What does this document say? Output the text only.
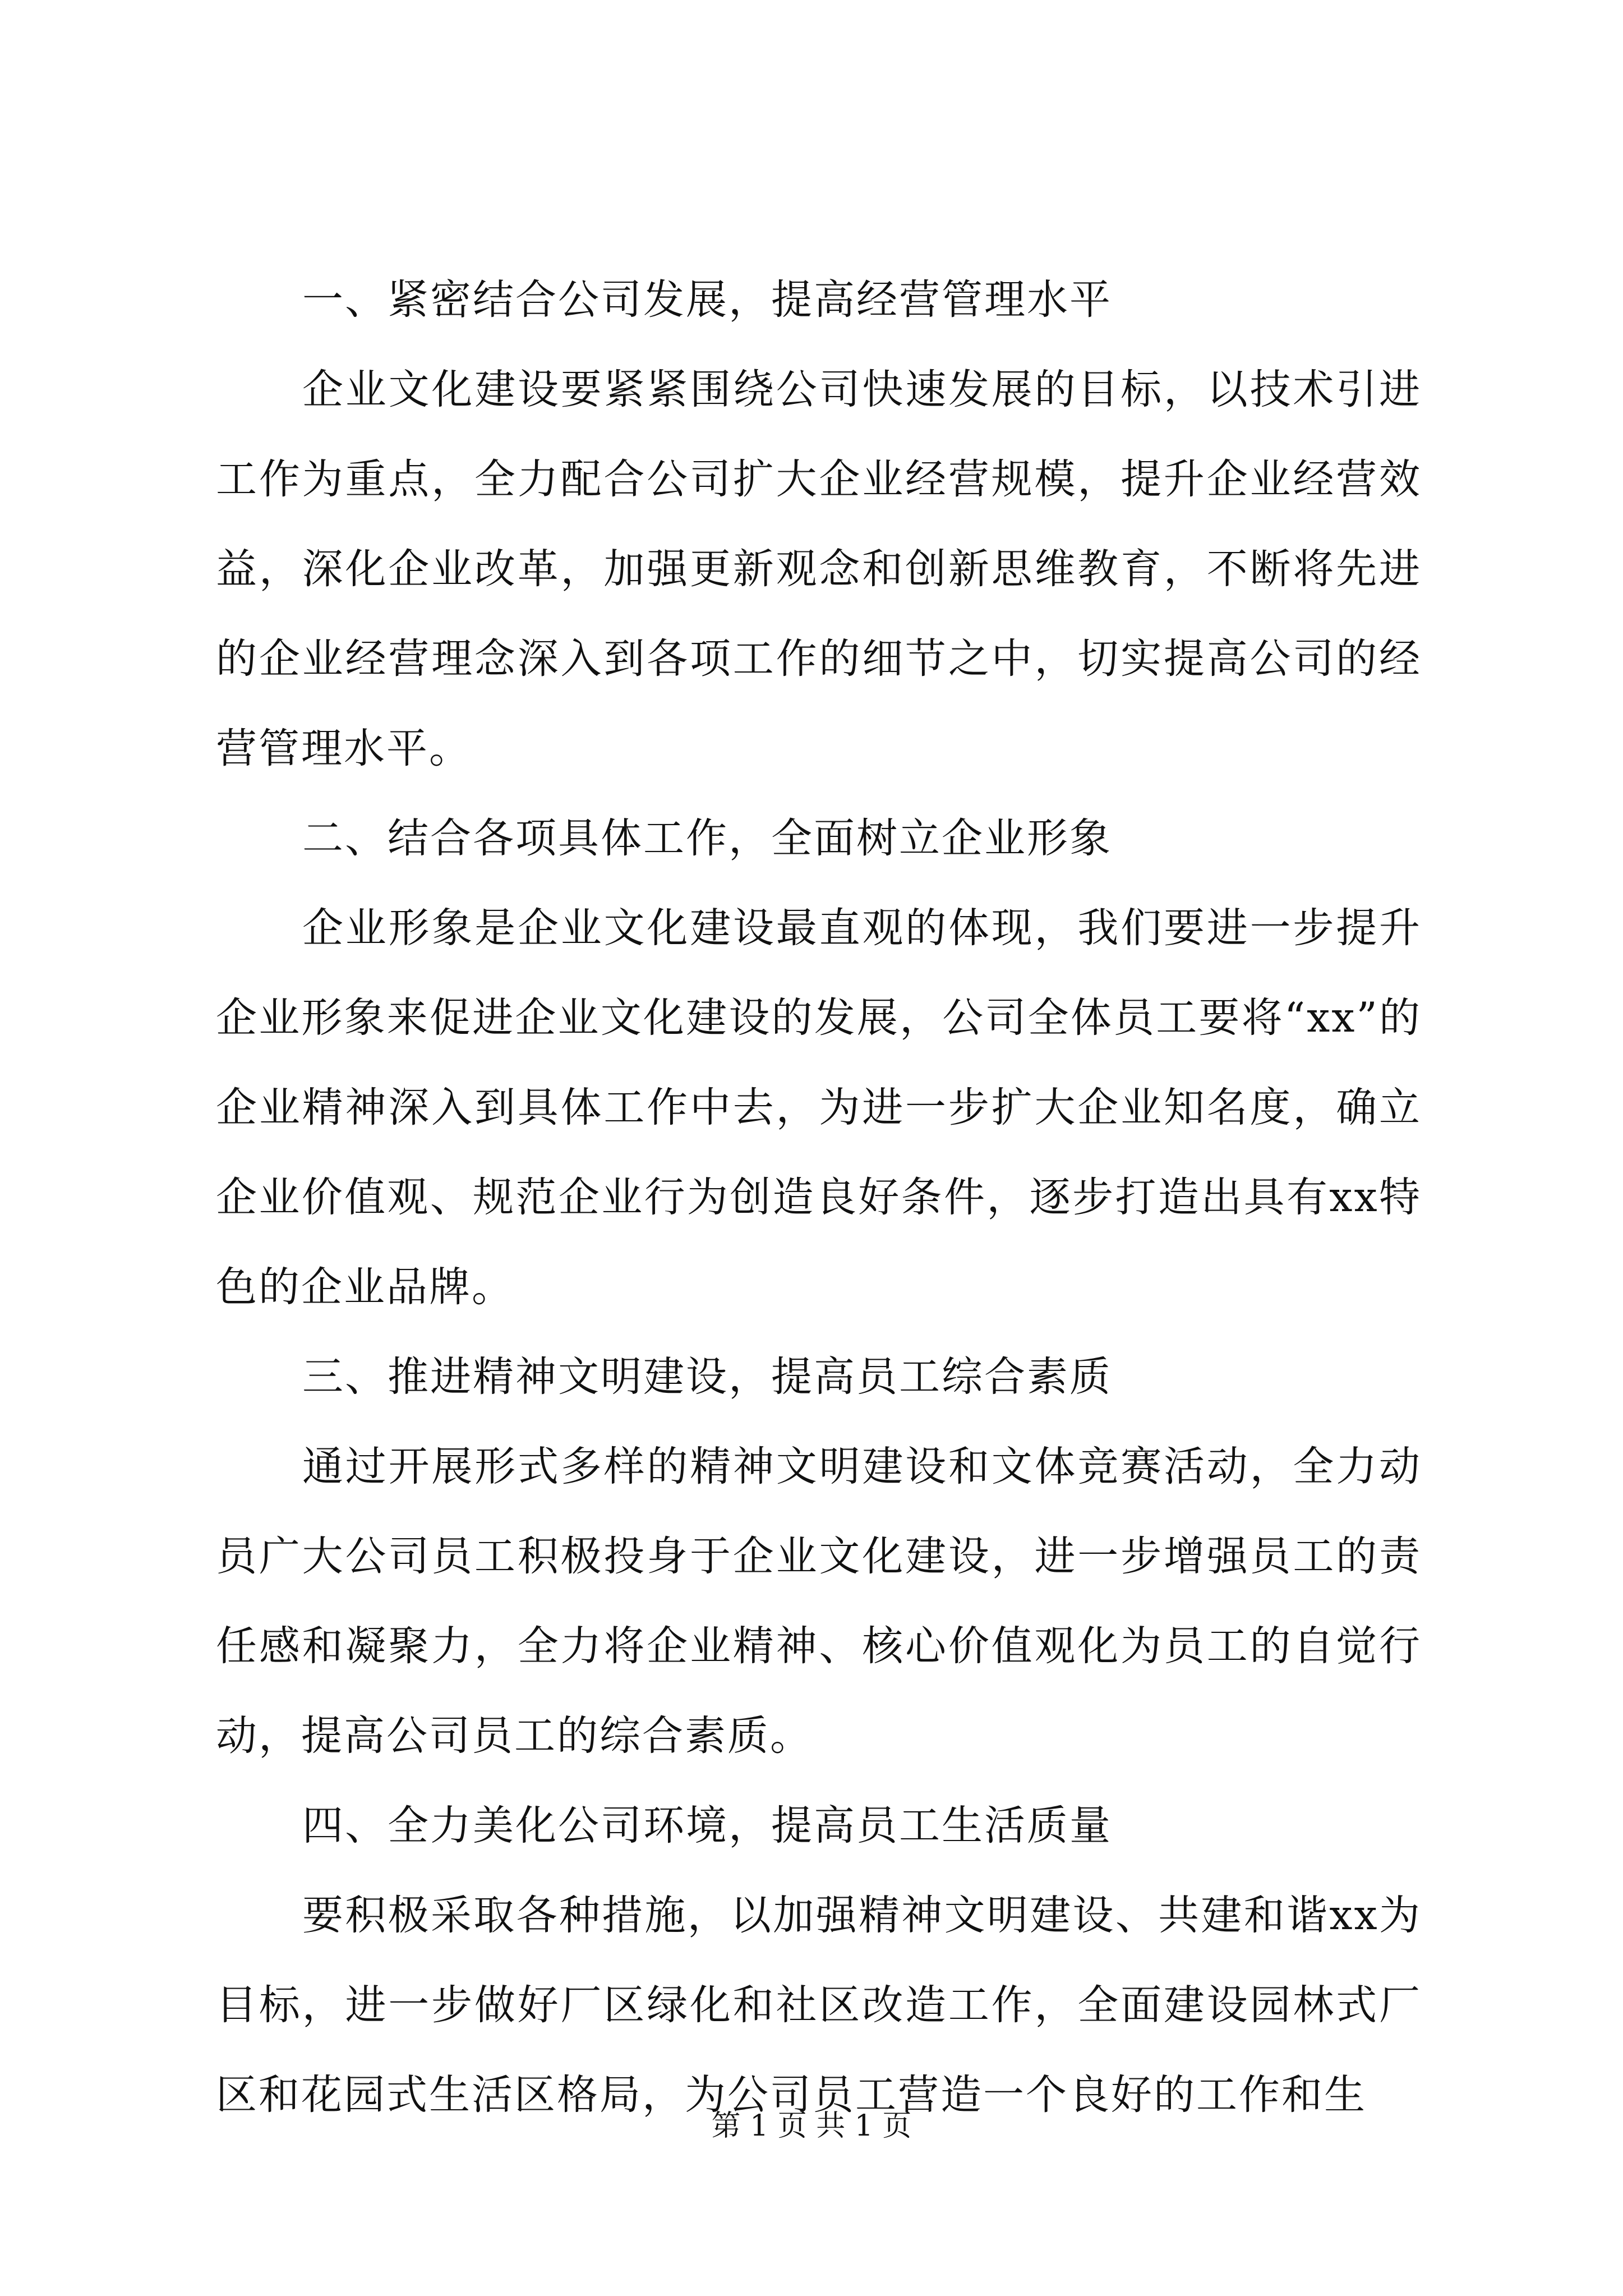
一、紧密结合公司发展，提高经营管理水平

企业文化建设要紧紧围绕公司快速发展的目标，以技术引进工作为重点，全力配合公司扩大企业经营规模，提升企业经营效益，深化企业改革，加强更新观念和创新思维教育，不断将先进的企业经营理念深入到各项工作的细节之中，切实提高公司的经营管理水平。

二、结合各项具体工作，全面树立企业形象

企业形象是企业文化建设最直观的体现，我们要进一步提升企业形象来促进企业文化建设的发展，公司全体员工要将“xx”的企业精神深入到具体工作中去，为进一步扩大企业知名度，确立企业价值观、规范企业行为创造良好条件，逐步打造出具有xx特色的企业品牌。

三、推进精神文明建设，提高员工综合素质

通过开展形式多样的精神文明建设和文体竞赛活动，全力动员广大公司员工积极投身于企业文化建设，进一步增强员工的责任感和凝聚力，全力将企业精神、核心价值观化为员工的自觉行动，提高公司员工的综合素质。

四、全力美化公司环境，提高员工生活质量

要积极采取各种措施，以加强精神文明建设、共建和谐xx为目标，进一步做好厂区绿化和社区改造工作，全面建设园林式厂区和花园式生活区格局，为公司员工营造一个良好的工作和生

第 1 页 共 1 页
